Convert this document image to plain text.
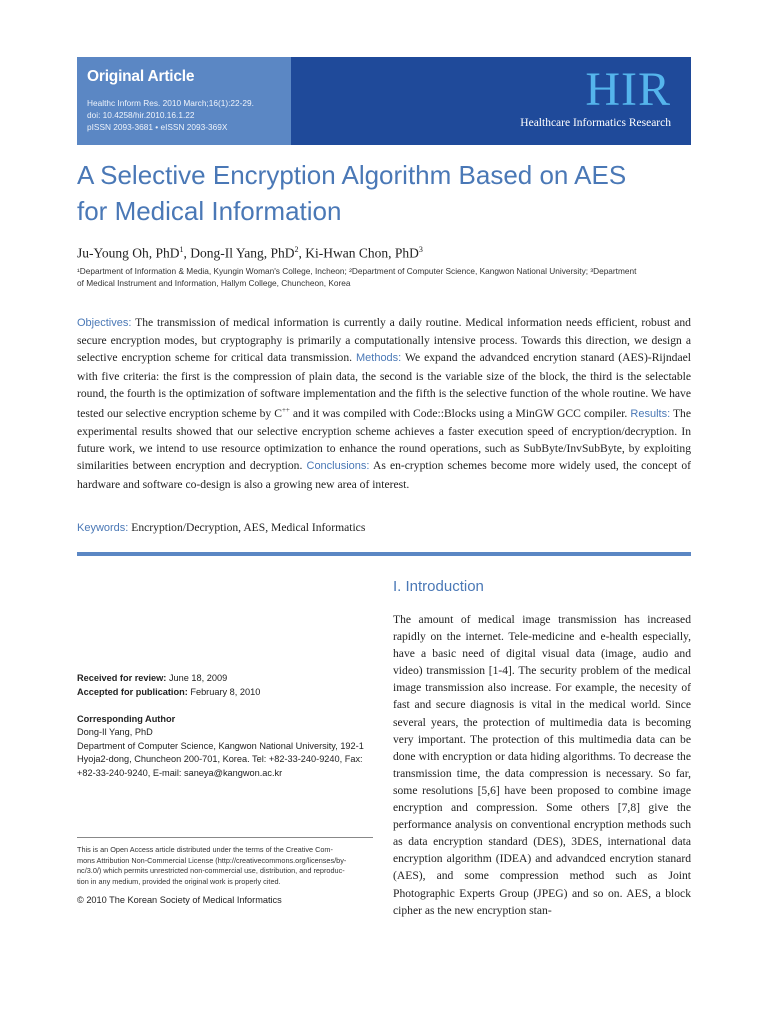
Original Article
Healthc Inform Res. 2010 March;16(1):22-29.
doi: 10.4258/hir.2010.16.1.22
pISSN 2093-3681 • eISSN 2093-369X
HIR
Healthcare Informatics Research
A Selective Encryption Algorithm Based on AES
for Medical Information
Ju-Young Oh, PhD$^1$, Dong-Il Yang, PhD$^2$, Ki-Hwan Chon, PhD$^3$
¹Department of Information & Media, Kyungin Woman's College, Incheon; ²Department of Computer Science, Kangwon National University; ³Department
of Medical Instrument and Information, Hallym College, Chuncheon, Korea
Objectives: The transmission of medical information is currently a daily routine. Medical information needs efficient, robust and secure encryption modes, but cryptography is primarily a computationally intensive process. Towards this direction, we design a selective encryption scheme for critical data transmission. Methods: We expand the advandced encrytion stanard (AES)-Rijndael with five criteria: the first is the compression of plain data, the second is the variable size of the block, the third is the selectable round, the fourth is the optimization of software implementation and the fifth is the selective function of the whole routine. We have tested our selective encryption scheme by C++ and it was compiled with Code::Blocks using a MinGW GCC compiler. Results: The experimental results showed that our selective encryption scheme achieves a faster execution speed of encryption/decryption. In future work, we intend to use resource optimization to enhance the round operations, such as SubByte/InvSubByte, by exploiting similarities between encryption and decryption. Conclusions: As en-cryption schemes become more widely used, the concept of hardware and software co-design is also a growing new area of interest.
Keywords: Encryption/Decryption, AES, Medical Informatics
I. Introduction
The amount of medical image transmission has increased rapidly on the internet. Tele-medicine and e-health especially, have a basic need of digital visual data (image, audio and video) transmission [1-4]. The security problem of the medical image transmission also increase. For example, the necesity of fast and secure diagnosis is vital in the medical world. Since several years, the protection of multimedia data is becoming very important. The protection of this multimedia data can be done with encryption or data hiding algorithms. To decrease the transmission time, the data compression is necessary. So far, some resolutions [5,6] have been proposed to combine image encryption and compression. Some others [7,8] give the performance analysis on conventional encryption methods such as data encryption standard (DES), 3DES, international data encryption algorithm (IDEA) and advandced encrytion stanard (AES), and some compression method such as Joint Photographic Experts Group (JPEG) and so on. AES, a block cipher as the new encryption stan-
Received for review: June 18, 2009
Accepted for publication: February 8, 2010
Corresponding Author
Dong-Il Yang, PhD
Department of Computer Science, Kangwon National University, 192-1
Hyoja2-dong, Chuncheon 200-701, Korea. Tel: +82-33-240-9240, Fax:
+82-33-240-9240, E-mail: saneya@kangwon.ac.kr
This is an Open Access article distributed under the terms of the Creative Com-
mons Attribution Non-Commercial License (http://creativecommons.org/licenses/by-
nc/3.0/) which permits unrestricted non-commercial use, distribution, and reproduc-
tion in any medium, provided the original work is properly cited.
© 2010 The Korean Society of Medical Informatics
